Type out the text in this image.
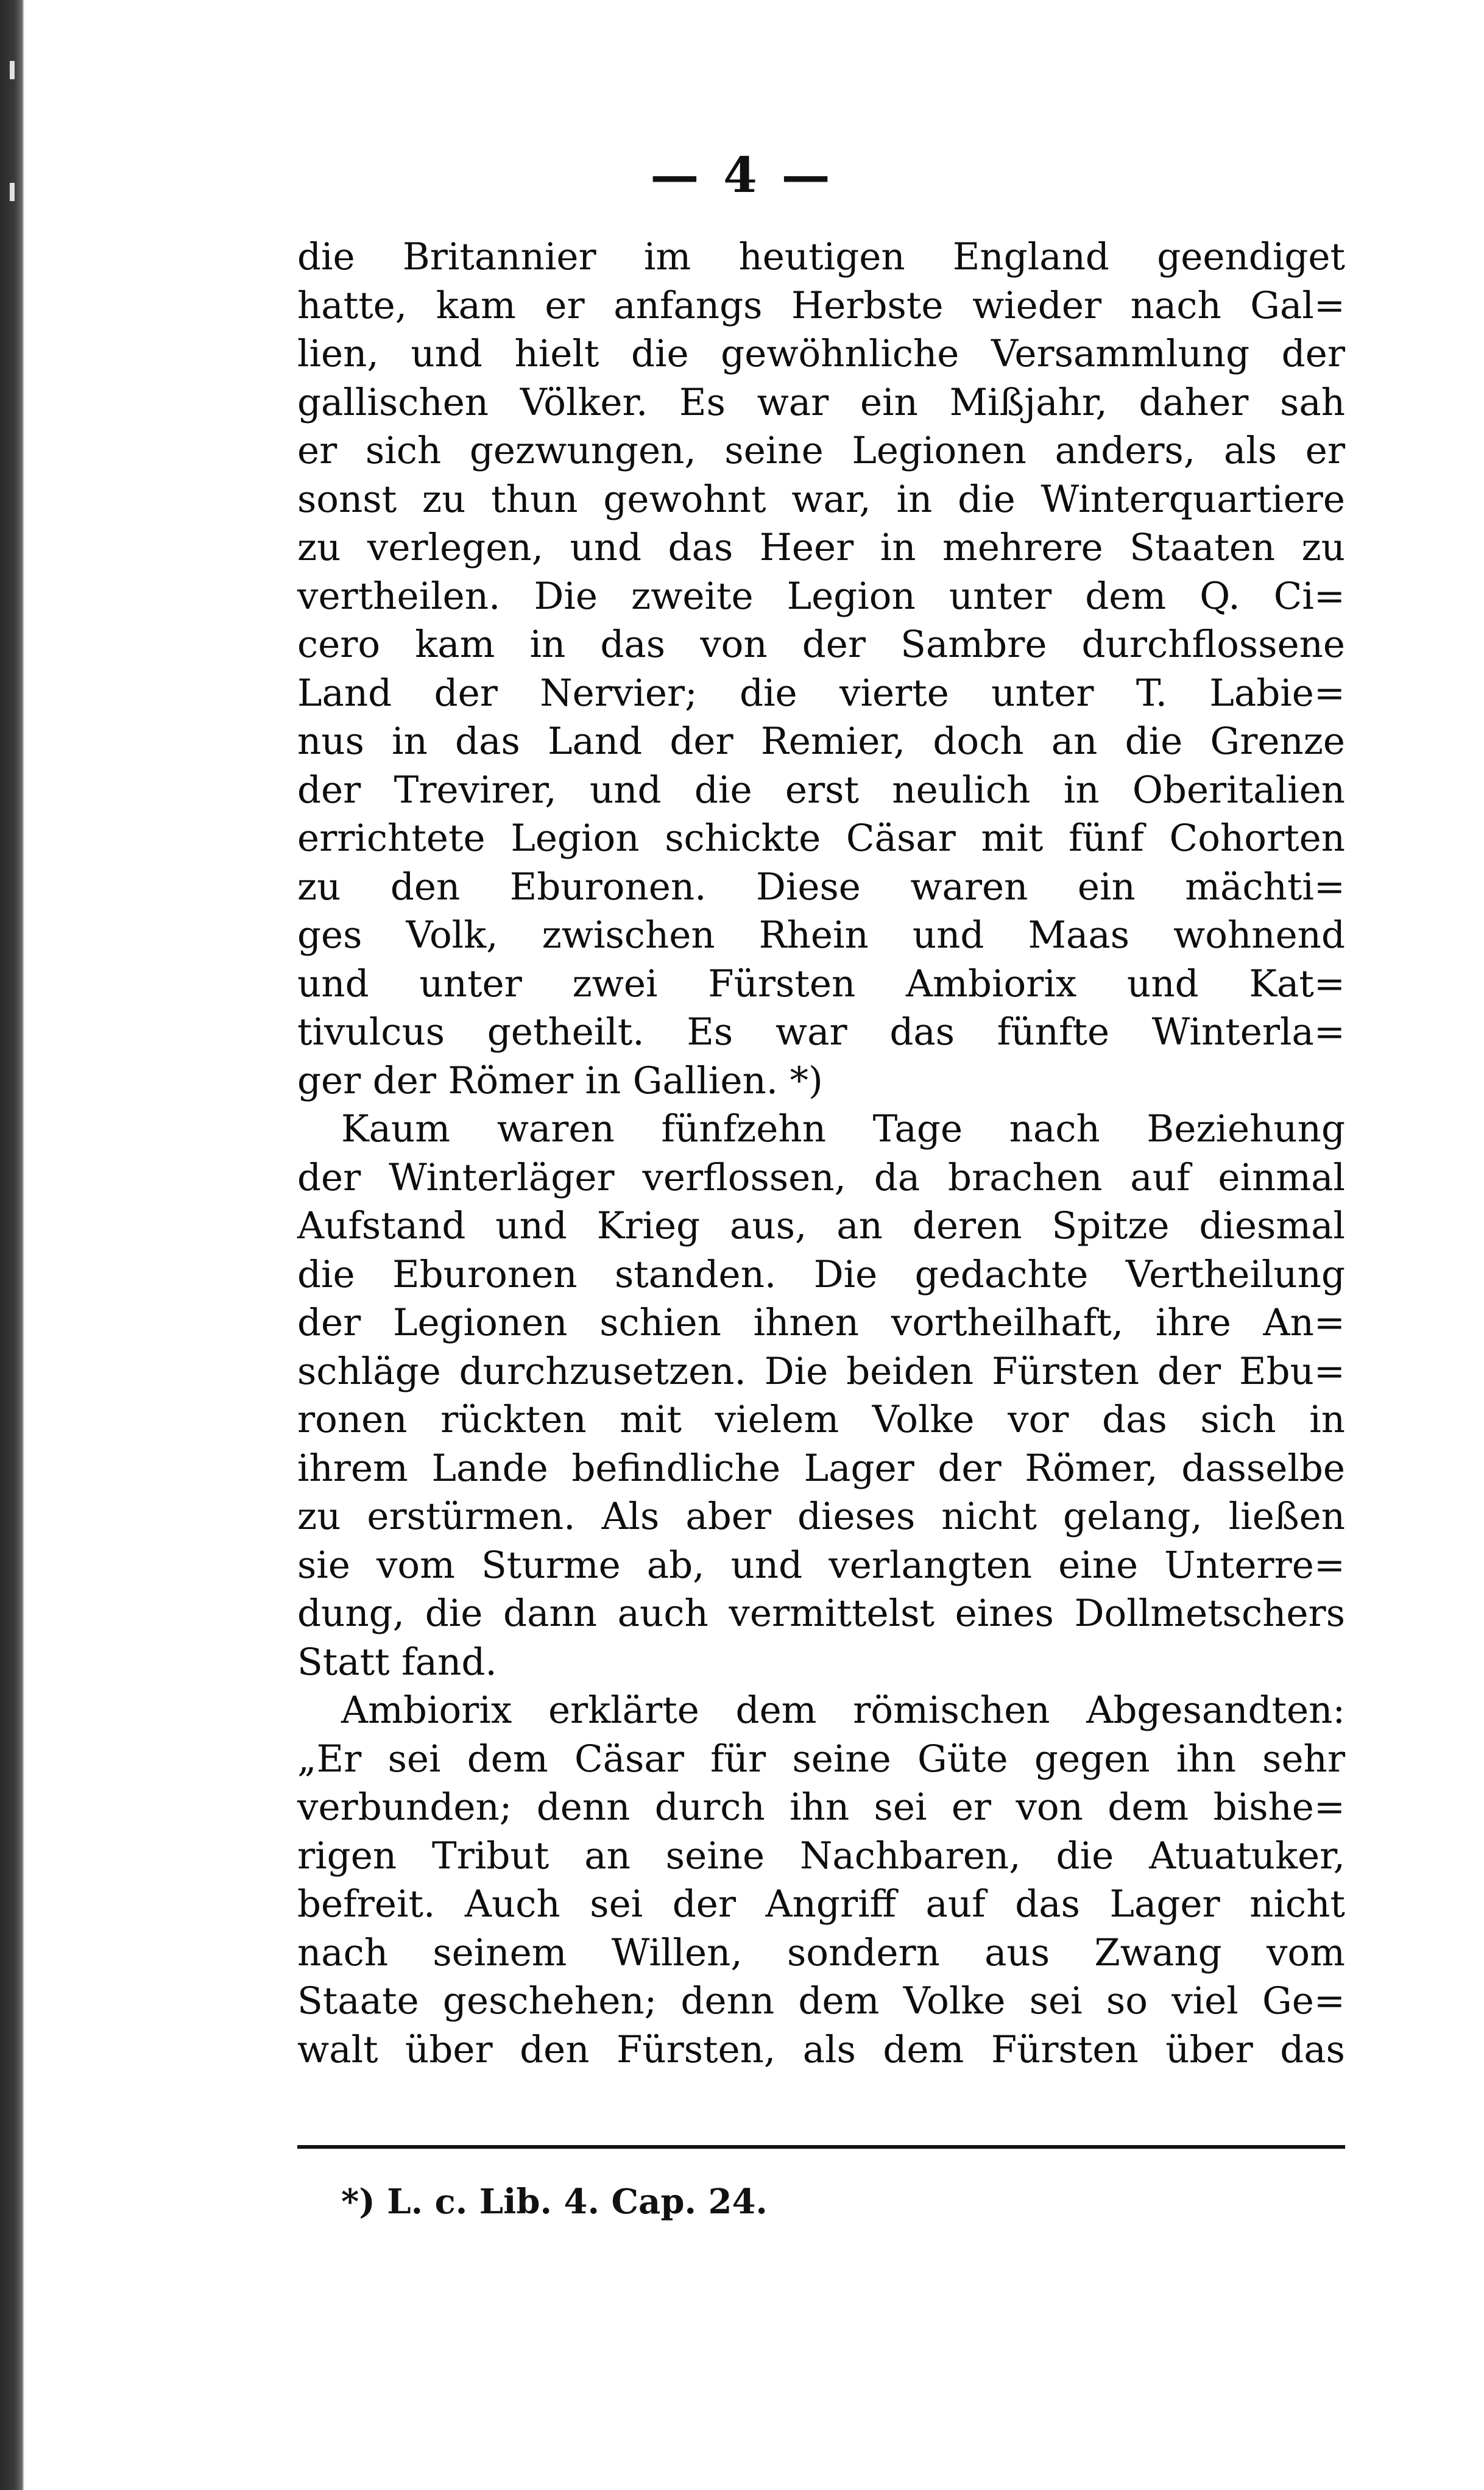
— 4 —
die Britannier im heutigen England geendiget
hatte, kam er anfangs Herbste wieder nach Gal=
lien, und hielt die gewöhnliche Versammlung der
gallischen Völker. Es war ein Mißjahr, daher sah
er sich gezwungen, seine Legionen anders, als er
sonst zu thun gewohnt war, in die Winterquartiere
zu verlegen, und das Heer in mehrere Staaten zu
vertheilen. Die zweite Legion unter dem Q. Ci=
cero kam in das von der Sambre durchflossene
Land der Nervier; die vierte unter T. Labie=
nus in das Land der Remier, doch an die Grenze
der Trevirer, und die erst neulich in Oberitalien
errichtete Legion schickte Cäsar mit fünf Cohorten
zu den Eburonen. Diese waren ein mächti=
ges Volk, zwischen Rhein und Maas wohnend
und unter zwei Fürsten Ambiorix und Kat=
tivulcus getheilt. Es war das fünfte Winterla=
ger der Römer in Gallien. *)
Kaum waren fünfzehn Tage nach Beziehung
der Winterläger verflossen, da brachen auf einmal
Aufstand und Krieg aus, an deren Spitze diesmal
die Eburonen standen. Die gedachte Vertheilung
der Legionen schien ihnen vortheilhaft, ihre An=
schläge durchzusetzen. Die beiden Fürsten der Ebu=
ronen rückten mit vielem Volke vor das sich in
ihrem Lande befindliche Lager der Römer, dasselbe
zu erstürmen. Als aber dieses nicht gelang, ließen
sie vom Sturme ab, und verlangten eine Unterre=
dung, die dann auch vermittelst eines Dollmetschers
Statt fand.
Ambiorix erklärte dem römischen Abgesandten:
„Er sei dem Cäsar für seine Güte gegen ihn sehr
verbunden; denn durch ihn sei er von dem bishe=
rigen Tribut an seine Nachbaren, die Atuatuker,
befreit. Auch sei der Angriff auf das Lager nicht
nach seinem Willen, sondern aus Zwang vom
Staate geschehen; denn dem Volke sei so viel Ge=
walt über den Fürsten, als dem Fürsten über das
*) L. c. Lib. 4. Cap. 24.
